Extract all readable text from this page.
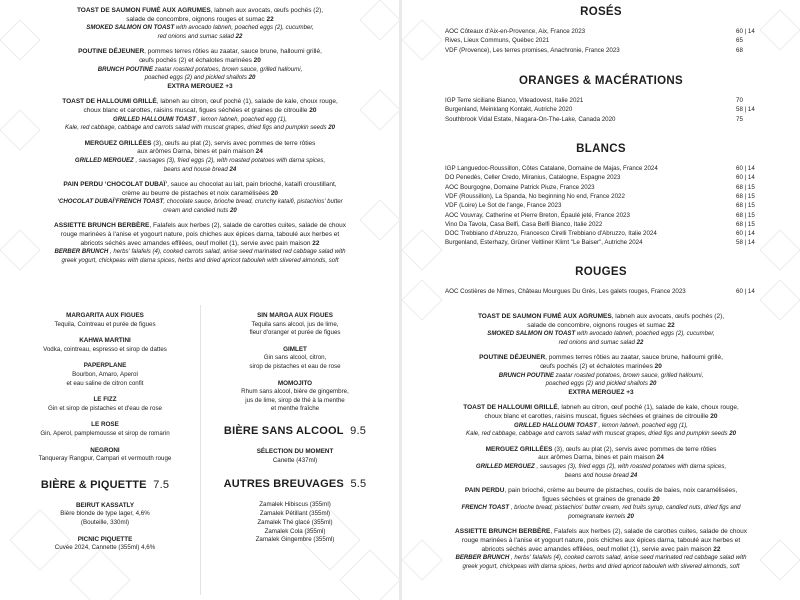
TOAST DE SAUMON FUMÉ AUX AGRUMES, labneh aux avocats, œufs pochés (2),
salade de concombre, oignons rouges et sumac 22
SMOKED SALMON ON TOAST with avocado labneh, poached eggs (2), cucumber,
red onions and sumac salad 22
POUTINE DÉJEUNER, pommes terres rôties au zaatar, sauce brune, halloumi grillé,
œufs pochés (2) et échalotes marinées 20
BRUNCH POUTINE zaatar roasted potatoes, brown sauce, grilled halloumi,
poached eggs (2) and pickled shallots 20
EXTRA MERGUEZ +3
TOAST DE HALLOUMI GRILLÉ, labneh au citron, œuf poché (1), salade de kale, choux rouge,
choux blanc et carottes, raisins muscat, figues séchées et graines de citrouille 20
GRILLED HALLOUMI TOAST , lemon labneh, poached egg (1),
Kale, red cabbage, cabbage and carrots salad with muscat grapes, dried figs and pumpkin seeds 20
MERGUEZ GRILLÉES (3), œufs au plat (2), servis avec pommes de terre rôties
aux arômes Darna, bines et pain maison 24
GRILLED MERGUEZ , sausages (3), fried eggs (2), with roasted potatoes with darna spices,
beans and house bread 24
PAIN PERDU ‘CHOCOLAT DUBAÏ’, sauce au chocolat au lait, pain brioché, kataifi croustillant,
crème au beurre de pistaches et noix caramélisées 20
‘CHOCOLAT DUBAÏ’FRENCH TOAST, chocolate sauce, brioche bread, crunchy kataifi, pistachios' butter
cream and candied nuts 20
ASSIETTE BRUNCH BERBÈRE, Falafels aux herbes (2), salade de carottes cuites, salade de choux
rouge marinées à l'anise et yogourt nature, pois chiches aux épices darna, taboulé aux herbes et
abricots séchés avec amandes effilées, oeuf mollet (1), servie avec pain maison 22
BERBER BRUNCH , herbs' falafels (4), cooked carrots salad, anise seed marinated red cabbage salad with
greek yogurt, chickpeas with darna spices, herbs and dried apricot tabouleh with slivered almonds, soft
MARGARITA AUX FIGUES
Tequila, Cointreau et purée de figues
KAHWA MARTINI
Vodka, cointreau, espresso et sirop de dattes
PAPERPLANE
Bourbon, Amaro, Aperol
et eau saline de citron confit
LE FIZZ
Gin et sirop de pistaches et d'eau de rose
LE ROSE
Gin, Aperol, pamplemousse et sirop de romarin
NEGRONI
Tanqueray Rangpur, Campari et vermouth rouge
BIÈRE & PIQUETTE 7.5
BEIRUT KASSATLY
Bière blonde de type lager, 4,6%
(Bouteille, 330ml)
PICNIC PIQUETTE
Cuvée 2024, Cannette (355ml) 4,6%
SIN MARGA AUX FIGUES
Tequila sans alcool, jus de lime,
fleur d'oranger et purée de figues
GIMLET
Gin sans alcool, citron,
sirop de pistaches et eau de rose
MOMOJITO
Rhum sans alcool, bière de gingembre,
jus de lime, sirop de thé à la menthe
et menthe fraîche
BIÈRE SANS ALCOOL 9.5
SÉLECTION DU MOMENT
Canette (437ml)
AUTRES BREUVAGES 5.5
Zamalek Hibiscus (355ml)
Zamalek Pétillant (355ml)
Zamalek Thé glacé (355ml)
Zamalek Cola (355ml)
Zamalek Gingembre (355ml)
ROSÉS
AOC Côteaux d'Aix-en-Provence, Aix, France 2023	60 | 14
Rives, Lieux Communs, Québec 2021	65
VDF (Provence), Les terres promises, Anachronie, France 2023	68
ORANGES & MACÉRATIONS
IGP Terre siciliane Bianco, Viteadovest, Italie 2021	70
Burgenland, Meinklang Kontakt, Autriche 2020	58 | 14
Southbrook Vidal Estate, Niagara-On-The-Lake, Canada 2020	75
BLANCS
IGP Languedoc-Roussillon, Côtes Catalane, Domaine de Majas, France 2024	60 | 14
DO Penedès, Celler Credo, Miranius, Catalogne, Espagne 2023	60 | 14
AOC Bourgogne, Domaine Patrick Piuze, France 2023	68 | 15
VDF (Roussillon), La Spanda, No beginning No end, France 2022	68 | 15
VDF (Loire) Le Sot de l'ange, France 2023	68 | 15
AOC Vouvray, Catherine et Pierre Breton, Épaulé jeté, France 2023	68 | 15
Vino Da Tavola, Casa Belfi, Casa Belfi Bianco, Italie 2022	68 | 15
DOC Trebbiano d'Abruzzo, Francesco Cirelli Trebbiano d'Abruzzo, Italie 2024	60 | 14
Burgenland, Esterhazy, Grüner Veltliner Klimt "Le Baiser", Autriche 2024	58 | 14
ROUGES
AOC Costières de Nîmes, Château Mourgues Du Grès, Les galets rouges, France 2023	60 | 14
TOAST DE SAUMON FUMÉ AUX AGRUMES, labneh aux avocats, œufs pochés (2),
salade de concombre, oignons rouges et sumac 22
SMOKED SALMON ON TOAST with avocado labneh, poached eggs (2), cucumber,
red onions and sumac salad 22
POUTINE DÉJEUNER, pommes terres rôties au zaatar, sauce brune, halloumi grillé,
œufs pochés (2) et échalotes marinées 20
BRUNCH POUTINE zaatar roasted potatoes, brown sauce, grilled halloumi,
poached eggs (2) and pickled shallots 20
EXTRA MERGUEZ +3
TOAST DE HALLOUMI GRILLÉ, labneh au citron, œuf poché (1), salade de kale, choux rouge,
choux blanc et carottes, raisins muscat, figues séchées et graines de citrouille 20
GRILLED HALLOUMI TOAST , lemon labneh, poached egg (1),
Kale, red cabbage, cabbage and carrots salad with muscat grapes, dried figs and pumpkin seeds 20
MERGUEZ GRILLÉES (3), œufs au plat (2), servis avec pommes de terre rôties
aux arômes Darna, bines et pain maison 24
GRILLED MERGUEZ , sausages (3), fried eggs (2), with roasted potatoes with darna spices,
beans and house bread 24
PAIN PERDU, pain brioché, crème au beurre de pistaches, coulis de baies, noix caramélisées,
figues séchées et graines de grenade 20
FRENCH TOAST , brioche bread, pistachios' butter cream, red fruits syrup, candied nuts, dried figs and
pomegranate kernels 20
ASSIETTE BRUNCH BERBÈRE, Falafels aux herbes (2), salade de carottes cuites, salade de choux
rouge marinées à l'anise et yogourt nature, pois chiches aux épices darna, taboulé aux herbes et
abricots séchés avec amandes effilées, oeuf mollet (1), servie avec pain maison 22
BERBER BRUNCH , herbs' falafels (4), cooked carrots salad, anise seed marinated red cabbage salad with
greek yogurt, chickpeas with darna spices, herbs and dried apricot tabouleh with slivered almonds, soft
